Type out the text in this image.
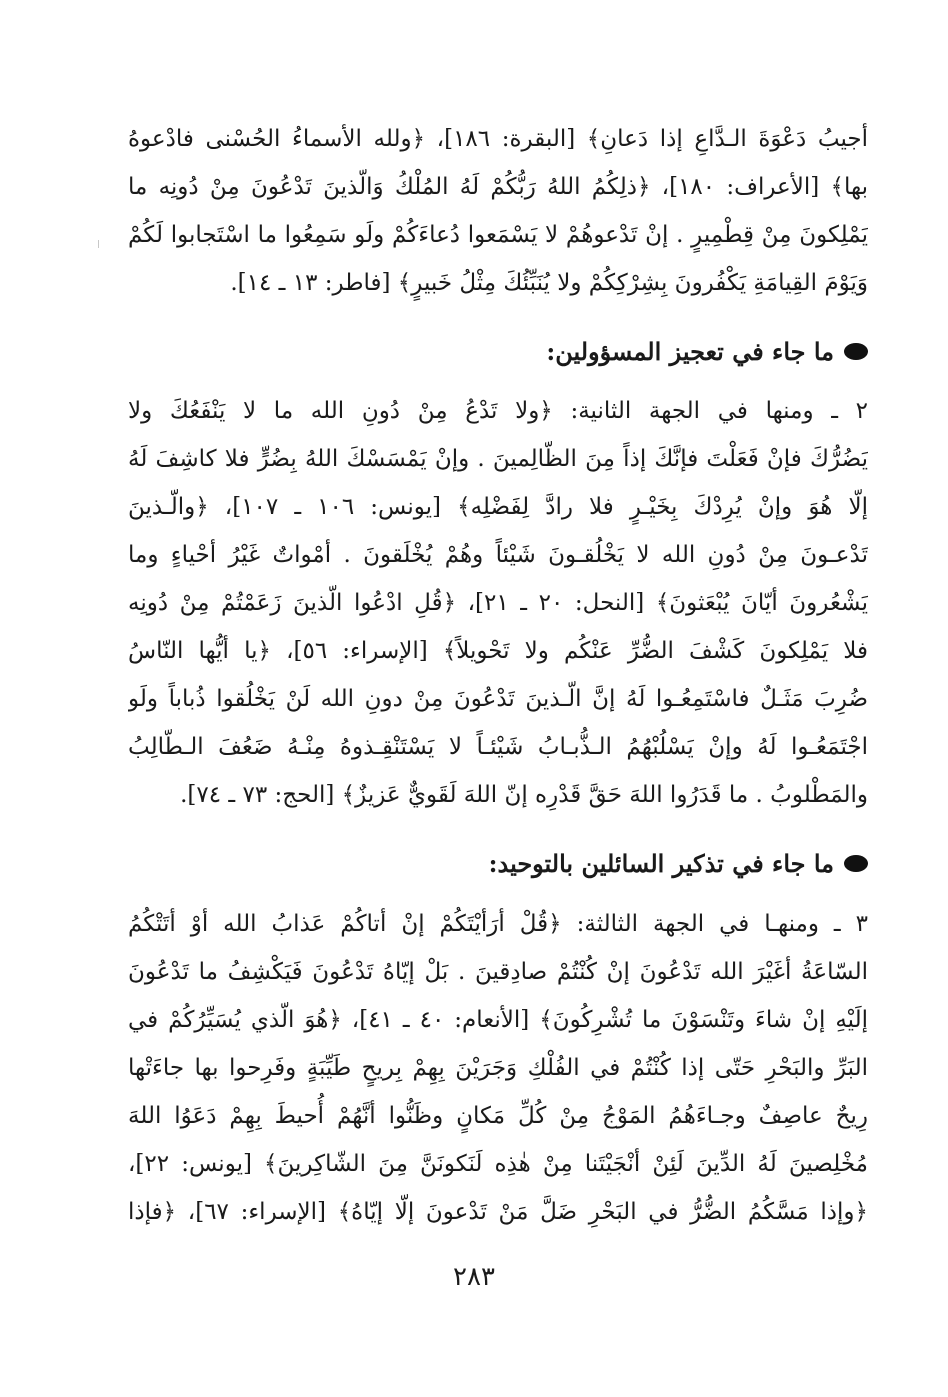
أجيبُ دَعْوَةَ الـدَّاعِ إذا دَعانِ﴾ [البقرة: ١٨٦]، ﴿ولله الأسماءُ الحُسْنى فادْعوهُ
بها﴾ [الأعراف: ١٨٠]، ﴿ذلِكُمُ اللهُ رَبُّكُمْ لَهُ المُلْكُ وَالّذينَ تَدْعُونَ مِنْ دُونِه ما
يَمْلِكونَ مِنْ قِطْمِيرٍ . إنْ تَدْعوهُمْ لا يَسْمَعوا دُعاءَكُمْ ولَو سَمِعُوا ما اسْتَجابوا لَكُمْ
وَيَوْمَ القِيامَةِ يَكْفُرونَ بِشِرْكِكُمْ ولا يُنَبِّئُكَ مِثْلُ خَبيرٍ﴾ [فاطر: ١٣ ـ ١٤].
ما جاء في تعجيز المسؤولين:
٢ ـ ومنها في الجهة الثانية: ﴿ولا تَدْعُ مِنْ دُونِ الله ما لا يَنْفَعُكَ ولا
يَضُرُّكَ فإنْ فَعَلْتَ فإنَّكَ إذاً مِنَ الظّالِمينَ . وإنْ يَمْسَسْكَ اللهُ بِضُرٍّ فلا كاشِفَ لَهُ
إلّا هُوَ وإنْ يُرِدْكَ بِخَيْـرٍ فلا رادَّ لِفَضْلِه﴾ [يونس: ١٠٦ ـ ١٠٧]، ﴿والّـذينَ
تَدْعـونَ مِنْ دُونِ الله لا يَخْلُقـونَ شَيْئاً وهُمْ يُخْلَقونَ . أمْواتٌ غَيْرُ أحْياءٍ وما
يَشْعُرونَ أيّانَ يُبْعَثونَ﴾ [النحل: ٢٠ ـ ٢١]، ﴿قُلِ ادْعُوا الّذينَ زَعَمْتُمْ مِنْ دُونِه
فلا يَمْلِكونَ كَشْفَ الضُّرِّ عَنْكُم ولا تَحْويلاً﴾ [الإسراء: ٥٦]، ﴿يا أيُّها النّاسُ
ضُرِبَ مَثَـلٌ فاسْتَمِعُـوا لَهُ إنَّ الّـذينَ تَدْعُونَ مِنْ دونِ الله لَنْ يَخْلُقوا ذُباباً ولَو
اجْتَمَعُـوا لَهُ وإنْ يَسْلُبْهُمُ الـذُّبـابُ شَيْئـاً لا يَسْتَنْقِـذوهُ مِنْـهُ ضَعُفَ الـطّالِبُ
والمَطْلوبُ . ما قَدَرُوا اللهَ حَقَّ قَدْرِه إنّ اللهَ لَقَويٌّ عَزيزٌ﴾ [الحج: ٧٣ ـ ٧٤].
ما جاء في تذكير السائلين بالتوحيد:
٣ ـ ومنهـا في الجهة الثالثة: ﴿قُلْ أرَأيْتَكُمْ إنْ أتاكُمْ عَذابُ الله أوْ أتَتْكُمُ
السّاعَةُ أغَيْرَ الله تَدْعُونَ إنْ كُنْتُمْ صادِقينَ . بَلْ إيّاهُ تَدْعُونَ فَيَكْشِفُ ما تَدْعُونَ
إلَيْهِ إنْ شاءَ وتَنْسَوْنَ ما تُشْرِكُونَ﴾ [الأنعام: ٤٠ ـ ٤١]، ﴿هُوَ الّذي يُسَيِّرُكُمْ في
البَرِّ والبَحْرِ حَتّى إذا كُنْتُمْ في الفُلْكِ وَجَرَيْنَ بِهِمْ بِريحٍ طَيِّبَةٍ وفَرِحوا بها جاءَتْها
رِيحٌ عاصِفٌ وجـاءَهُمُ المَوْجُ مِنْ كُلِّ مَكانٍ وظَنُّوا أنَّهُمْ أُحيطَ بِهِمْ دَعَوُا اللهَ
مُخْلِصينَ لَهُ الدِّينَ لَئِنْ أنْجَيْتَنا مِنْ هٰذِه لَنَكونَنَّ مِنَ الشّاكِرينَ﴾ [يونس: ٢٢]،
﴿وإذا مَسَّكُمُ الضُّرُّ في البَحْرِ ضَلَّ مَنْ تَدْعونَ إلّا إيّاهُ﴾ [الإسراء: ٦٧]، ﴿فإذا
٢٨٣
